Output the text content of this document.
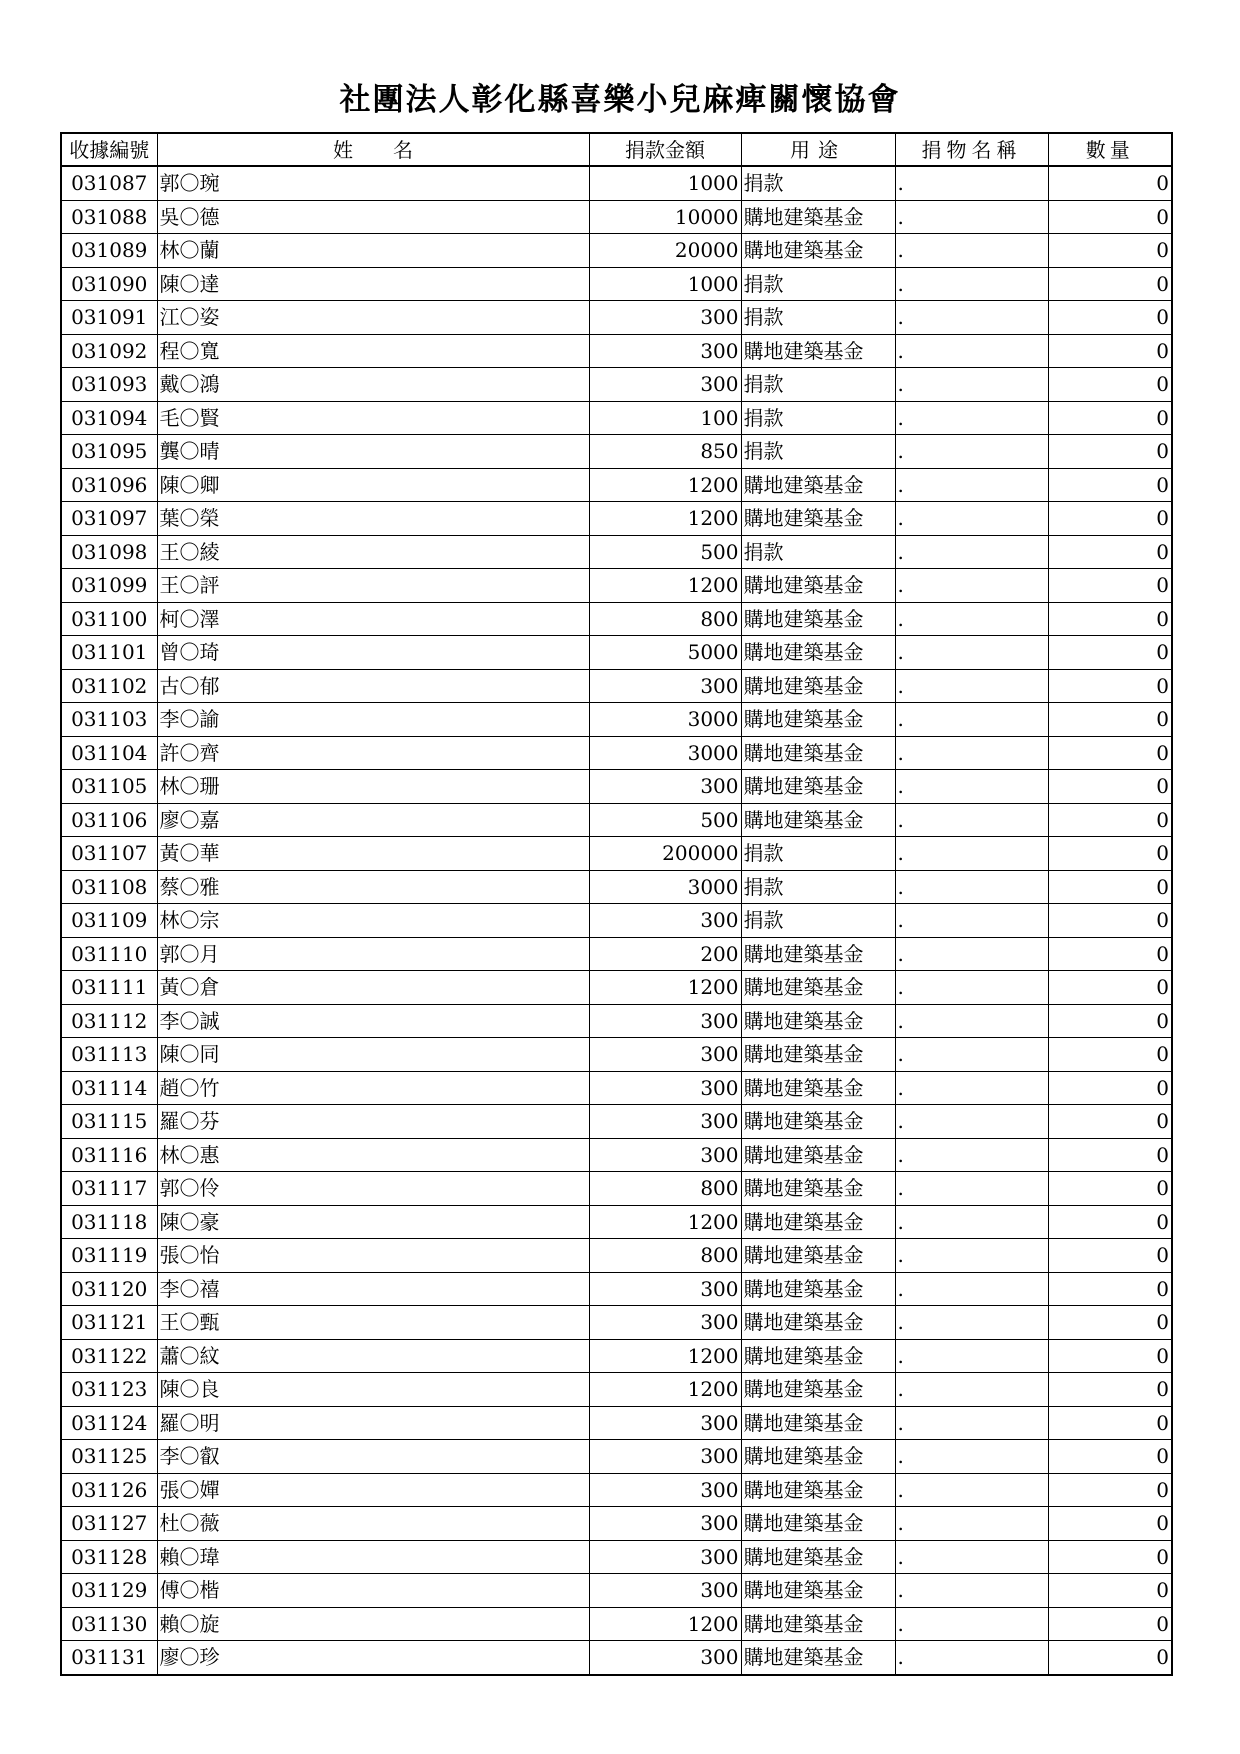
社團法人彰化縣喜樂小兒麻痺關懷協會
收據編號	姓名	捐款金額	用途	捐物名稱	數量
031087	郭〇琬	1000	捐款	.	0
031088	吳〇德	10000	購地建築基金	.	0
031089	林〇蘭	20000	購地建築基金	.	0
031090	陳〇達	1000	捐款	.	0
031091	江〇姿	300	捐款	.	0
031092	程〇寬	300	購地建築基金	.	0
031093	戴〇鴻	300	捐款	.	0
031094	毛〇賢	100	捐款	.	0
031095	龔〇晴	850	捐款	.	0
031096	陳〇卿	1200	購地建築基金	.	0
031097	葉〇榮	1200	購地建築基金	.	0
031098	王〇綾	500	捐款	.	0
031099	王〇評	1200	購地建築基金	.	0
031100	柯〇澤	800	購地建築基金	.	0
031101	曾〇琦	5000	購地建築基金	.	0
031102	古〇郁	300	購地建築基金	.	0
031103	李〇諭	3000	購地建築基金	.	0
031104	許〇齊	3000	購地建築基金	.	0
031105	林〇珊	300	購地建築基金	.	0
031106	廖〇嘉	500	購地建築基金	.	0
031107	黃〇華	200000	捐款	.	0
031108	蔡〇雅	3000	捐款	.	0
031109	林〇宗	300	捐款	.	0
031110	郭〇月	200	購地建築基金	.	0
031111	黃〇倉	1200	購地建築基金	.	0
031112	李〇誠	300	購地建築基金	.	0
031113	陳〇同	300	購地建築基金	.	0
031114	趙〇竹	300	購地建築基金	.	0
031115	羅〇芬	300	購地建築基金	.	0
031116	林〇惠	300	購地建築基金	.	0
031117	郭〇伶	800	購地建築基金	.	0
031118	陳〇豪	1200	購地建築基金	.	0
031119	張〇怡	800	購地建築基金	.	0
031120	李〇禧	300	購地建築基金	.	0
031121	王〇甄	300	購地建築基金	.	0
031122	蕭〇紋	1200	購地建築基金	.	0
031123	陳〇良	1200	購地建築基金	.	0
031124	羅〇明	300	購地建築基金	.	0
031125	李〇叡	300	購地建築基金	.	0
031126	張〇嬋	300	購地建築基金	.	0
031127	杜〇薇	300	購地建築基金	.	0
031128	賴〇瑋	300	購地建築基金	.	0
031129	傅〇楷	300	購地建築基金	.	0
031130	賴〇旋	1200	購地建築基金	.	0
031131	廖〇珍	300	購地建築基金	.	0
